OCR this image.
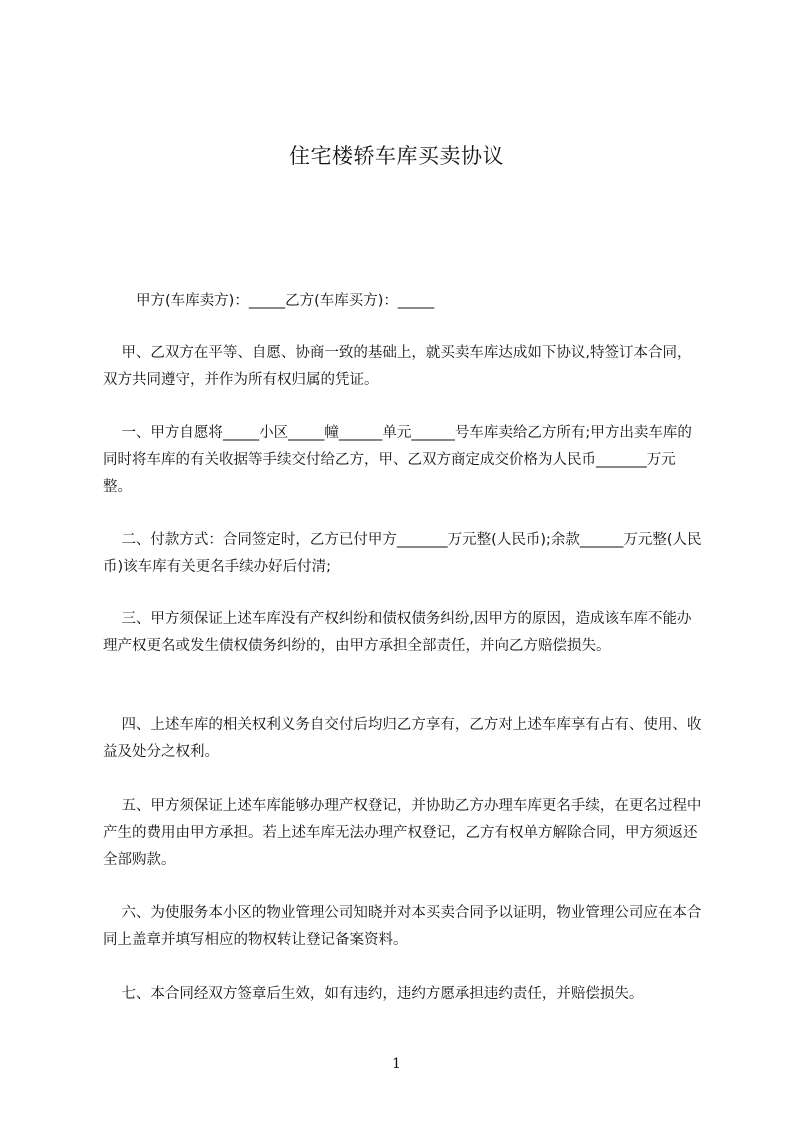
住宅楼轿车库买卖协议
甲方(车库卖方)：_____乙方(车库买方)：_____
甲、乙双方在平等、自愿、协商一致的基础上，就买卖车库达成如下协议,特签订本合同，双方共同遵守，并作为所有权归属的凭证。
一、甲方自愿将_____小区_____幢______单元______号车库卖给乙方所有;甲方出卖车库的同时将车库的有关收据等手续交付给乙方，甲、乙双方商定成交价格为人民币_______万元整。
二、付款方式：合同签定时，乙方已付甲方_______万元整(人民币);余款______万元整(人民币)该车库有关更名手续办好后付清;
三、甲方须保证上述车库没有产权纠纷和债权债务纠纷,因甲方的原因，造成该车库不能办理产权更名或发生债权债务纠纷的，由甲方承担全部责任，并向乙方赔偿损失。
四、上述车库的相关权利义务自交付后均归乙方享有，乙方对上述车库享有占有、使用、收益及处分之权利。
五、甲方须保证上述车库能够办理产权登记，并协助乙方办理车库更名手续，在更名过程中产生的费用由甲方承担。若上述车库无法办理产权登记，乙方有权单方解除合同，甲方须返还全部购款。
六、为使服务本小区的物业管理公司知晓并对本买卖合同予以证明，物业管理公司应在本合同上盖章并填写相应的物权转让登记备案资料。
七、本合同经双方签章后生效，如有违约，违约方愿承担违约责任，并赔偿损失。
1
